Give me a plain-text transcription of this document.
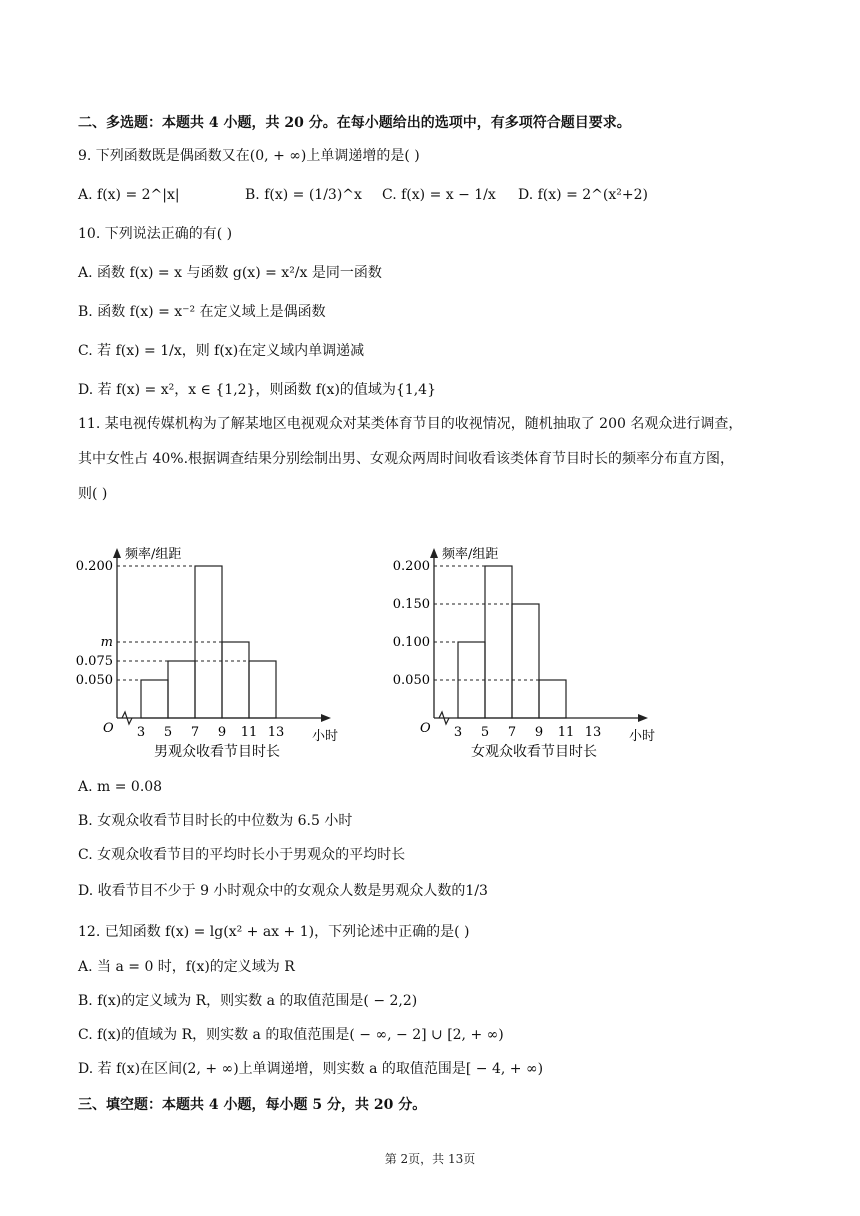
二、多选题：本题共 4 小题，共 20 分。在每小题给出的选项中，有多项符合题目要求。
9. 下列函数既是偶函数又在(0, + ∞)上单调递增的是( )
A. f(x) = 2^|x|	B. f(x) = (1/3)^x C. f(x) = x − 1/x D. f(x) = 2^(x²+2)
10. 下列说法正确的有( )
A. 函数 f(x) = x 与函数 g(x) = x²/x 是同一函数
B. 函数 f(x) = x⁻² 在定义域上是偶函数
C. 若 f(x) = 1/x，则 f(x)在定义域内单调递减
D. 若 f(x) = x²，x ∈ {1,2}，则函数 f(x)的值域为{1,4}
11. 某电视传媒机构为了解某地区电视观众对某类体育节目的收视情况，随机抽取了 200 名观众进行调查，
其中女性占 40%.根据调查结果分别绘制出男、女观众两周时间收看该类体育节目时长的频率分布直方图，
则( )
频率/组距
小时
O
0.050
0.075
m
0.200
3 5 7 9 11 13
男观众收看节目时长
频率/组距
小时
O
0.050
0.100
0.150
0.200
3 5 7 9 11 13
女观众收看节目时长
A. m = 0.08
B. 女观众收看节目时长的中位数为 6.5 小时
C. 女观众收看节目的平均时长小于男观众的平均时长
D. 收看节目不少于 9 小时观众中的女观众人数是男观众人数的1/3
12. 已知函数 f(x) = lg(x² + ax + 1)，下列论述中正确的是( )
A. 当 a = 0 时，f(x)的定义域为 R
B. f(x)的定义域为 R，则实数 a 的取值范围是( − 2,2)
C. f(x)的值域为 R，则实数 a 的取值范围是( − ∞, − 2] ∪ [2, + ∞)
D. 若 f(x)在区间(2, + ∞)上单调递增，则实数 a 的取值范围是[ − 4, + ∞)
三、填空题：本题共 4 小题，每小题 5 分，共 20 分。
第 2页，共 13页
